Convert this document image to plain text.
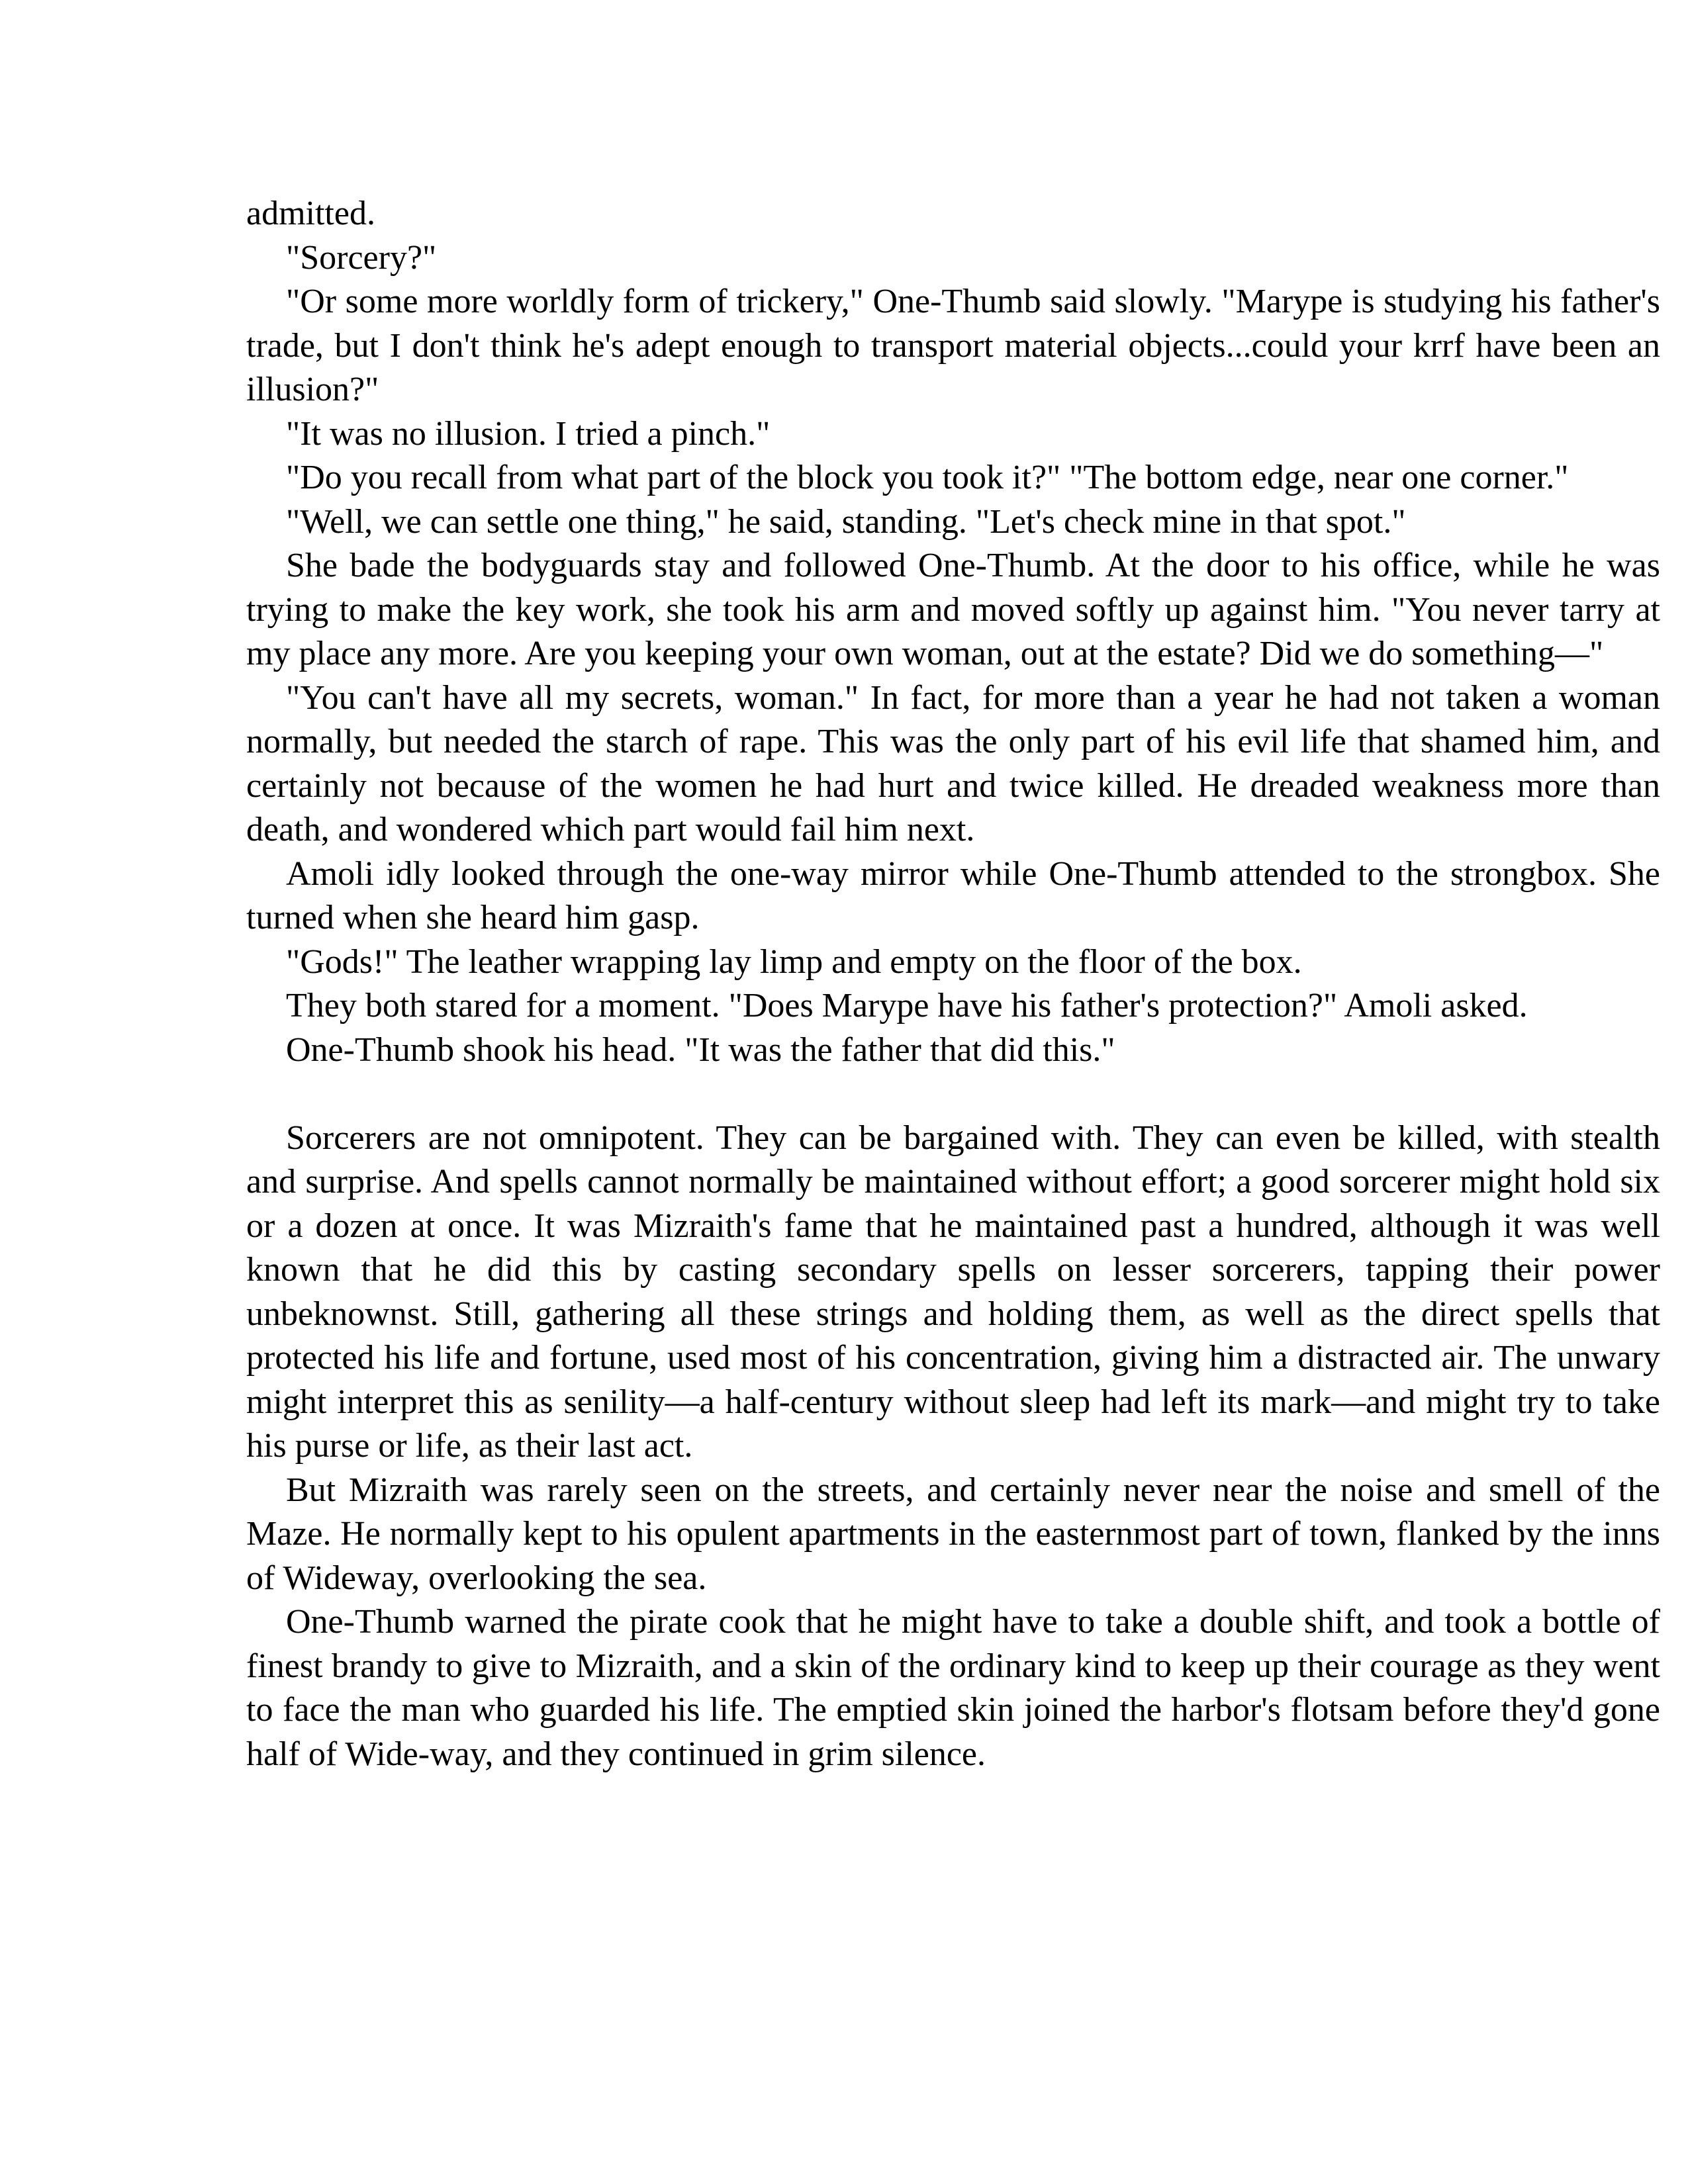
admitted.

"Sorcery?"

"Or some more worldly form of trickery," One-Thumb said slowly. "Marype is studying his father's trade, but I don't think he's adept enough to transport material objects...could your krrf have been an illusion?"

"It was no illusion. I tried a pinch."

"Do you recall from what part of the block you took it?" "The bottom edge, near one corner."

"Well, we can settle one thing," he said, standing. "Let's check mine in that spot."

She bade the bodyguards stay and followed One-Thumb. At the door to his office, while he was trying to make the key work, she took his arm and moved softly up against him. "You never tarry at my place any more. Are you keeping your own woman, out at the estate? Did we do something—"

"You can't have all my secrets, woman." In fact, for more than a year he had not taken a woman normally, but needed the starch of rape. This was the only part of his evil life that shamed him, and certainly not because of the women he had hurt and twice killed. He dreaded weakness more than death, and wondered which part would fail him next.

Amoli idly looked through the one-way mirror while One-Thumb attended to the strongbox. She turned when she heard him gasp.

"Gods!" The leather wrapping lay limp and empty on the floor of the box.

They both stared for a moment. "Does Marype have his father's protection?" Amoli asked.

One-Thumb shook his head. "It was the father that did this."

Sorcerers are not omnipotent. They can be bargained with. They can even be killed, with stealth and surprise. And spells cannot normally be maintained without effort; a good sorcerer might hold six or a dozen at once. It was Mizraith's fame that he maintained past a hundred, although it was well known that he did this by casting secondary spells on lesser sorcerers, tapping their power unbeknownst. Still, gathering all these strings and holding them, as well as the direct spells that protected his life and fortune, used most of his concentration, giving him a distracted air. The unwary might interpret this as senility—a half-century without sleep had left its mark—and might try to take his purse or life, as their last act.

But Mizraith was rarely seen on the streets, and certainly never near the noise and smell of the Maze. He normally kept to his opulent apartments in the easternmost part of town, flanked by the inns of Wideway, overlooking the sea.

One-Thumb warned the pirate cook that he might have to take a double shift, and took a bottle of finest brandy to give to Mizraith, and a skin of the ordinary kind to keep up their courage as they went to face the man who guarded his life. The emptied skin joined the harbor's flotsam before they'd gone half of Wide-way, and they continued in grim silence.
